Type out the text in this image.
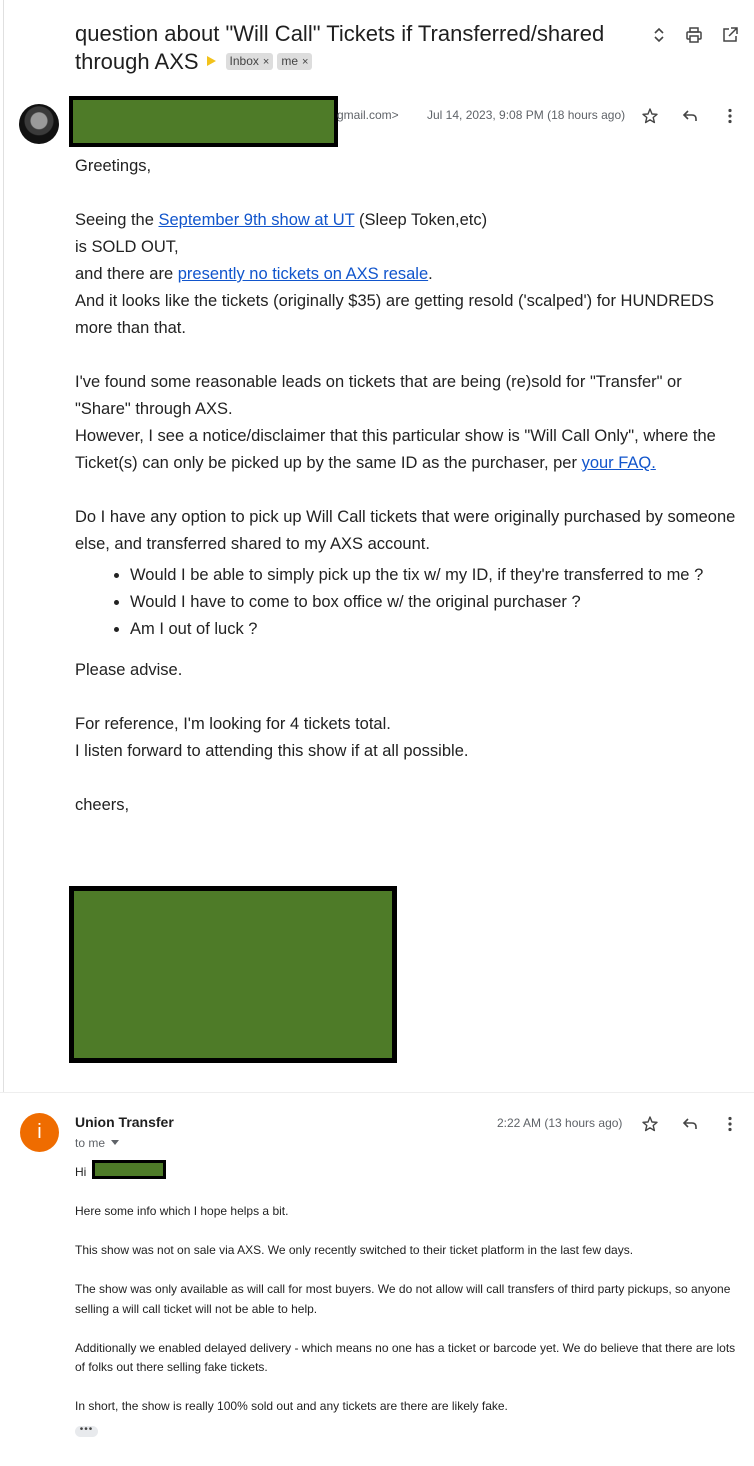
question about "Will Call" Tickets if Transferred/shared through AXS	Inbox × me ×
gmail.com> Jul 14, 2023, 9:08 PM (18 hours ago)

Greetings,

Seeing the September 9th show at UT (Sleep Token,etc)

is SOLD OUT,

and there are presently no tickets on AXS resale.

And it looks like the tickets (originally $35) are getting resold ('scalped') for HUNDREDS more than that.

I've found some reasonable leads on tickets that are being (re)sold for "Transfer" or "Share" through AXS.

However, I see a notice/disclaimer that this particular show is "Will Call Only", where the Ticket(s) can only be picked up by the same ID as the purchaser, per your FAQ.

Do I have any option to pick up Will Call tickets that were originally purchased by someone else, and transferred shared to my AXS account.

• Would I be able to simply pick up the tix w/ my ID, if they're transferred to me ?
• Would I have to come to box office w/ the original purchaser ?
• Am I out of luck ?

Please advise.

For reference, I'm looking for 4 tickets total.

I listen forward to attending this show if at all possible.

cheers,

i	Union Transfer
to me
2:22 AM (13 hours ago)

Hi

Here some info which I hope helps a bit.

This show was not on sale via AXS. We only recently switched to their ticket platform in the last few days.

The show was only available as will call for most buyers. We do not allow will call transfers of third party pickups, so anyone selling a will call ticket will not be able to help.

Additionally we enabled delayed delivery - which means no one has a ticket or barcode yet. We do believe that there are lots of folks out there selling fake tickets.

In short, the show is really 100% sold out and any tickets are there are likely fake.

•••
